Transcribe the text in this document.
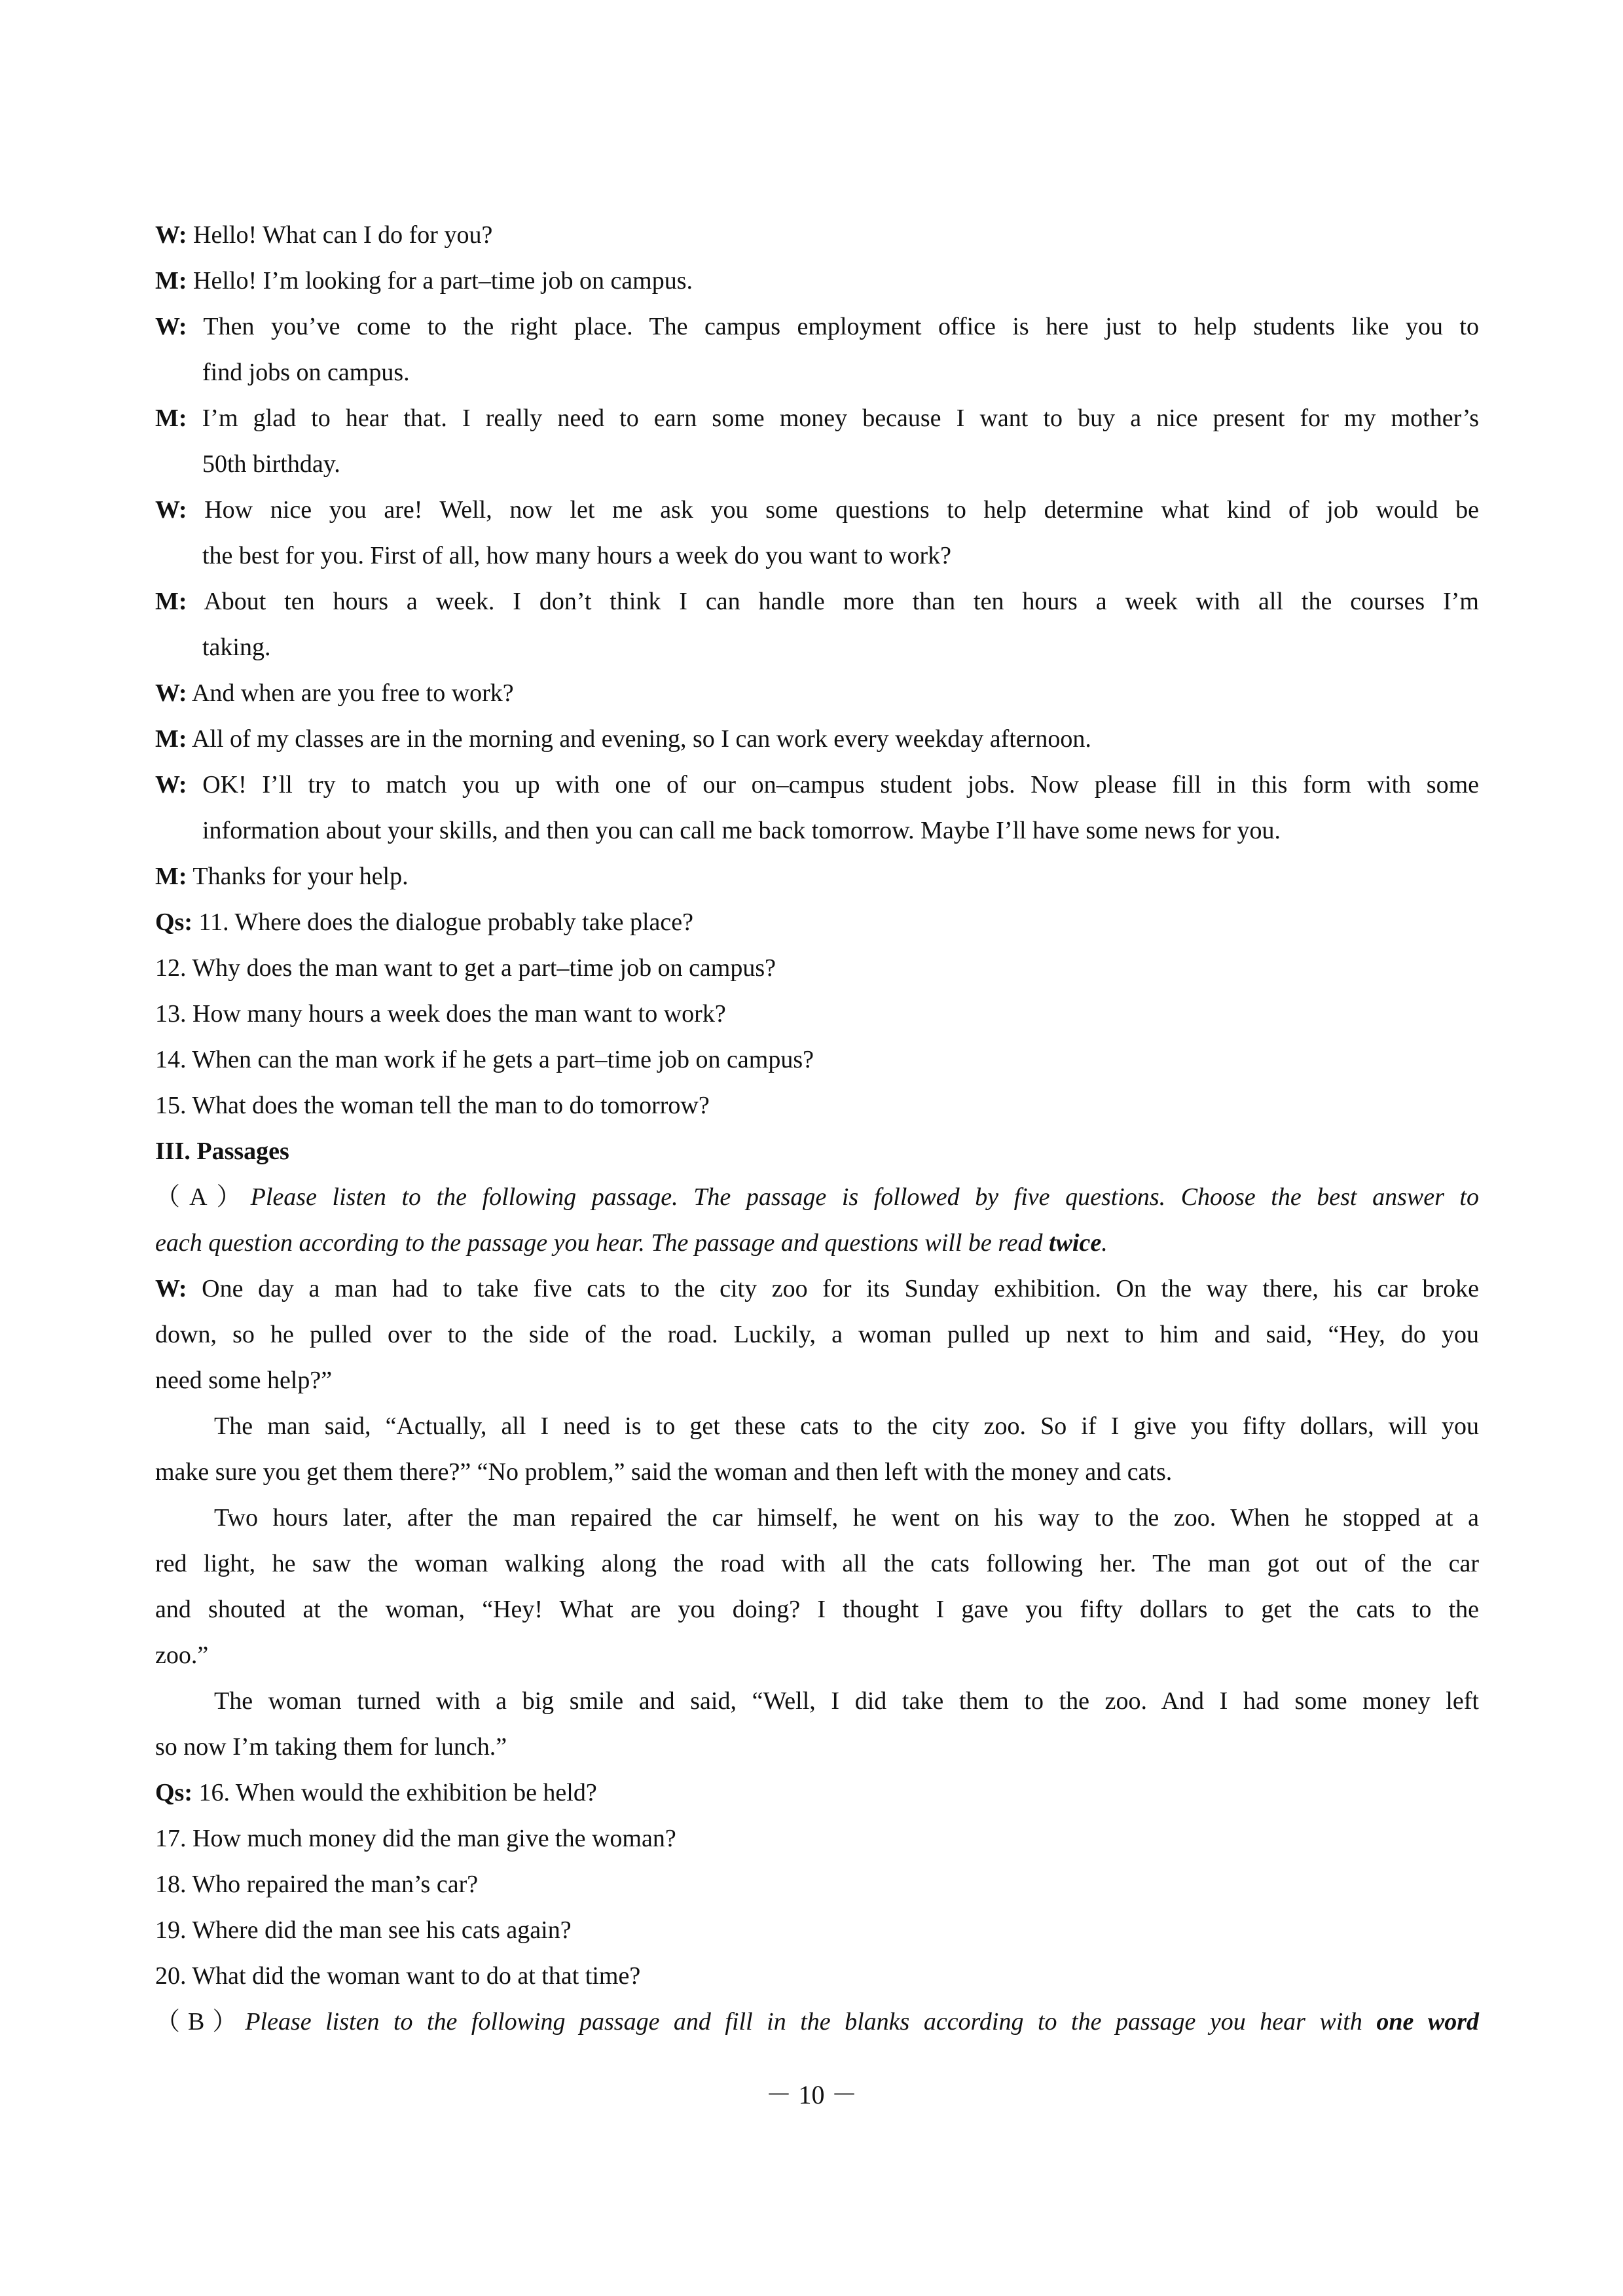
W: Hello! What can I do for you?
M: Hello! I’m looking for a part–time job on campus.
W: Then you’ve come to the right place. The campus employment office is here just to help students like you to
find jobs on campus.
M: I’m glad to hear that. I really need to earn some money because I want to buy a nice present for my mother’s
50th birthday.
W: How nice you are! Well, now let me ask you some questions to help determine what kind of job would be
the best for you. First of all, how many hours a week do you want to work?
M: About ten hours a week. I don’t think I can handle more than ten hours a week with all the courses I’m
taking.
W: And when are you free to work?
M: All of my classes are in the morning and evening, so I can work every weekday afternoon.
W: OK! I’ll try to match you up with one of our on–campus student jobs. Now please fill in this form with some
information about your skills, and then you can call me back tomorrow. Maybe I’ll have some news for you.
M: Thanks for your help.
Qs: 11. Where does the dialogue probably take place?
12. Why does the man want to get a part–time job on campus?
13. How many hours a week does the man want to work?
14. When can the man work if he gets a part–time job on campus?
15. What does the woman tell the man to do tomorrow?
III. Passages
（A）Please listen to the following passage. The passage is followed by five questions. Choose the best answer to
each question according to the passage you hear. The passage and questions will be read twice.
W: One day a man had to take five cats to the city zoo for its Sunday exhibition. On the way there, his car broke
down, so he pulled over to the side of the road. Luckily, a woman pulled up next to him and said, “Hey, do you
need some help?”
The man said, “Actually, all I need is to get these cats to the city zoo. So if I give you fifty dollars, will you
make sure you get them there?” “No problem,” said the woman and then left with the money and cats.
Two hours later, after the man repaired the car himself, he went on his way to the zoo. When he stopped at a
red light, he saw the woman walking along the road with all the cats following her. The man got out of the car
and shouted at the woman, “Hey! What are you doing? I thought I gave you fifty dollars to get the cats to the
zoo.”
The woman turned with a big smile and said, “Well, I did take them to the zoo. And I had some money left
so now I’m taking them for lunch.”
Qs: 16. When would the exhibition be held?
17. How much money did the man give the woman?
18. Who repaired the man’s car?
19. Where did the man see his cats again?
20. What did the woman want to do at that time?
（B）Please listen to the following passage and fill in the blanks according to the passage you hear with one word
－ 10 －
